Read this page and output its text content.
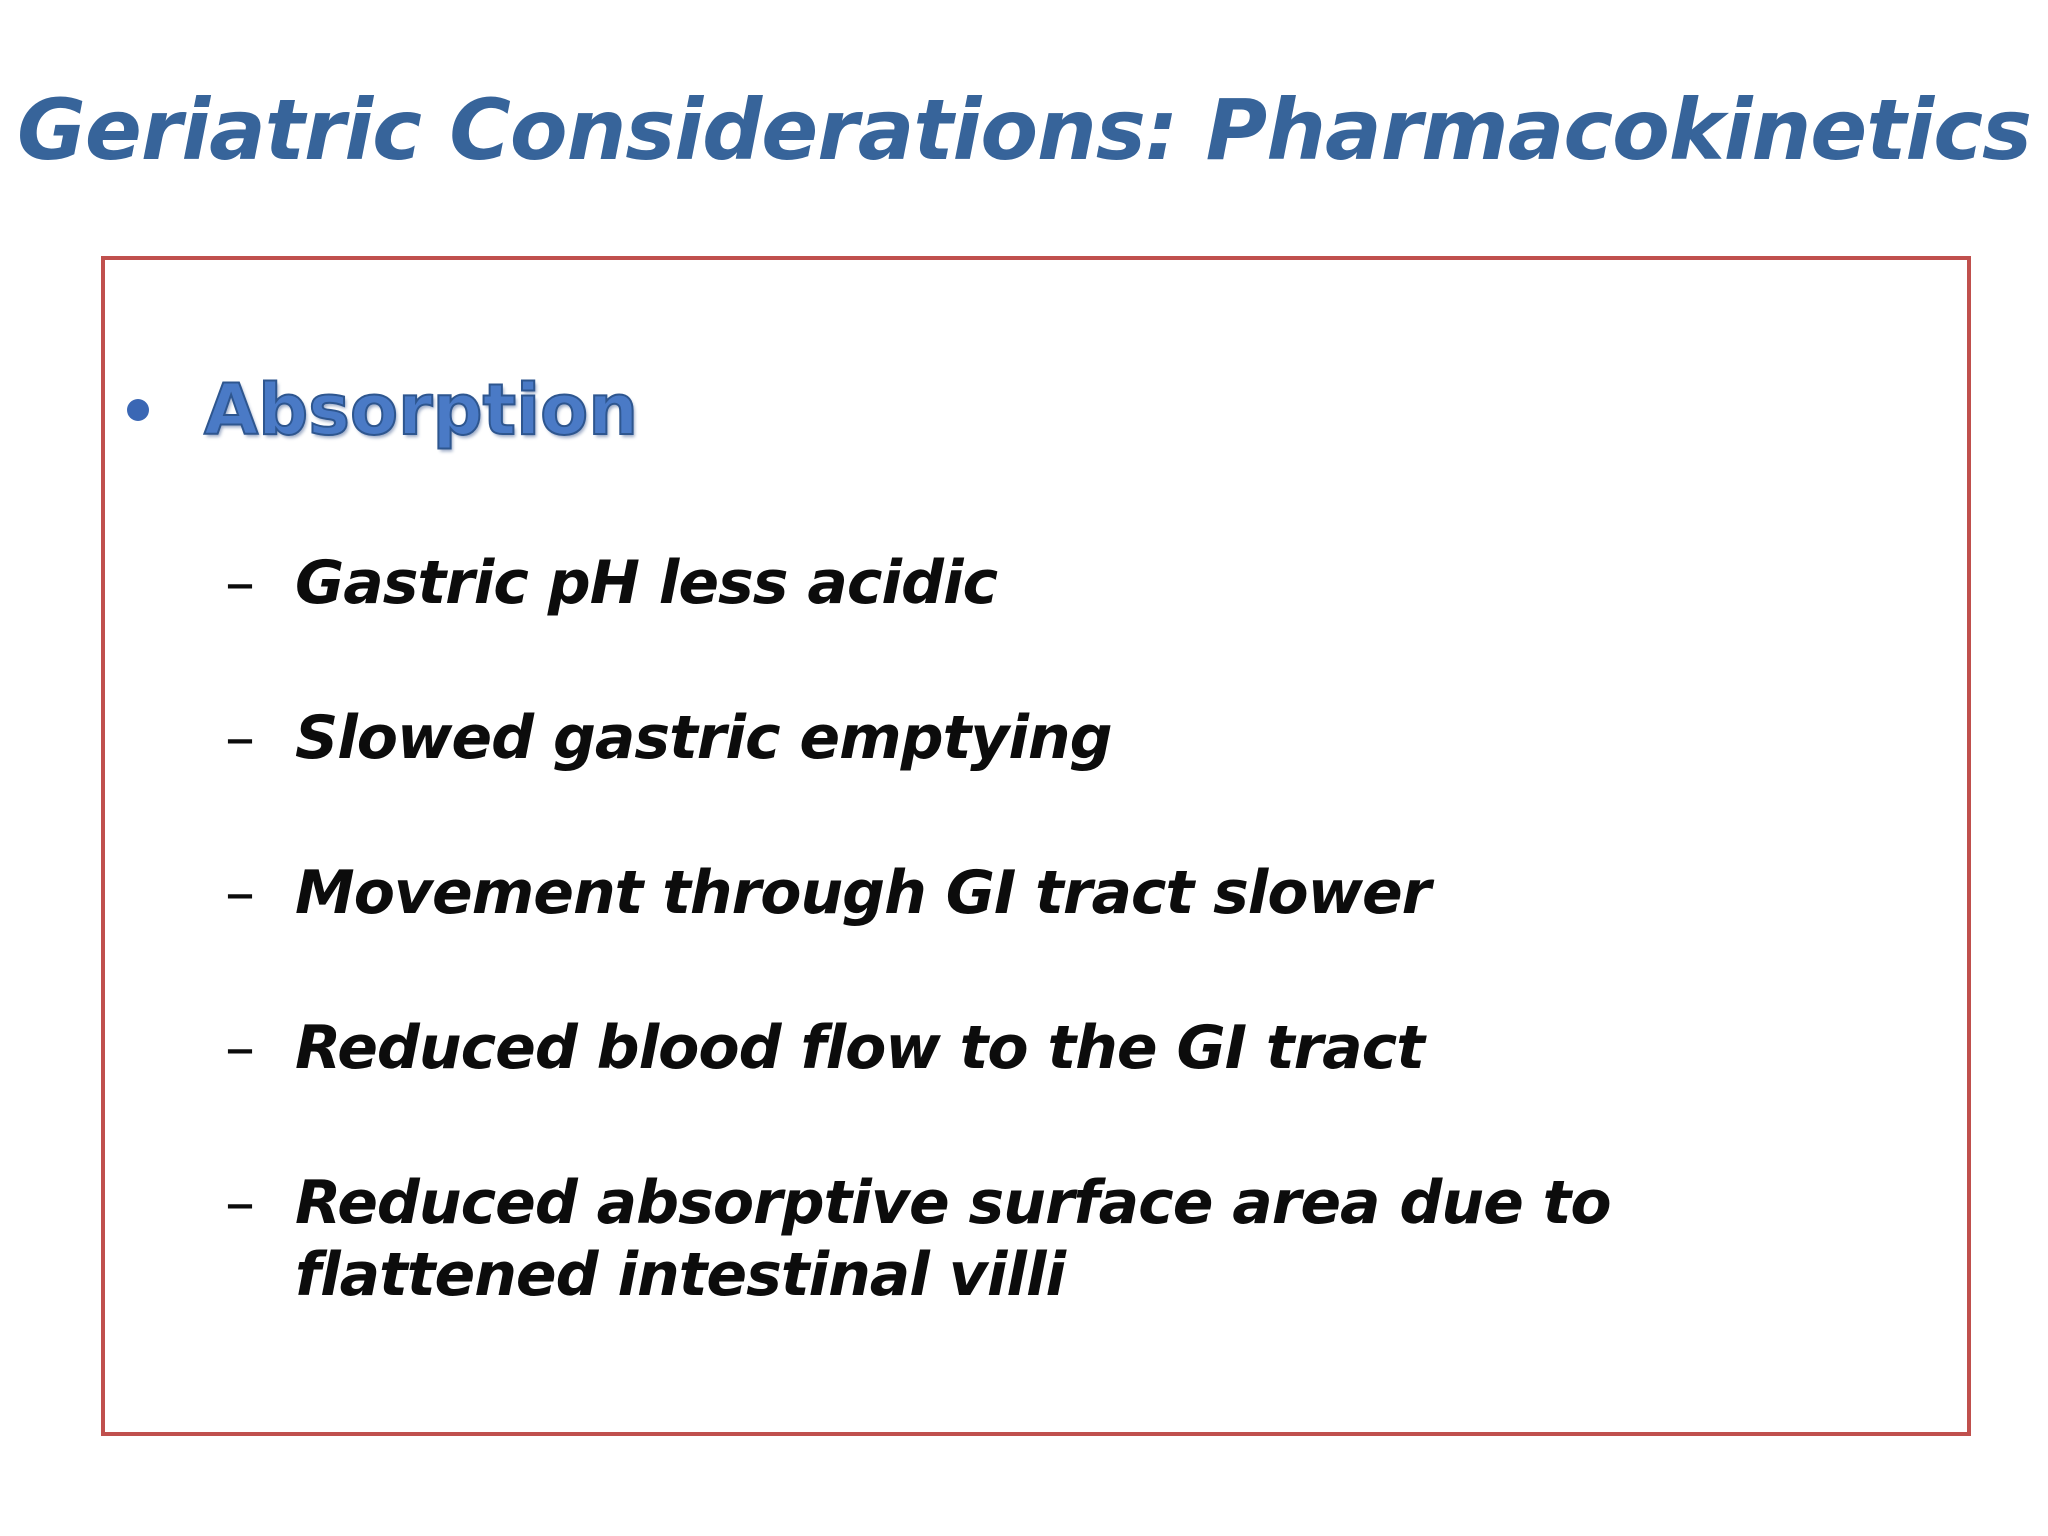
Geriatric Considerations: Pharmacokinetics
Absorption
– Gastric pH less acidic
– Slowed gastric emptying
– Movement through GI tract slower
– Reduced blood flow to the GI tract
– Reduced absorptive surface area due to flattened intestinal villi
